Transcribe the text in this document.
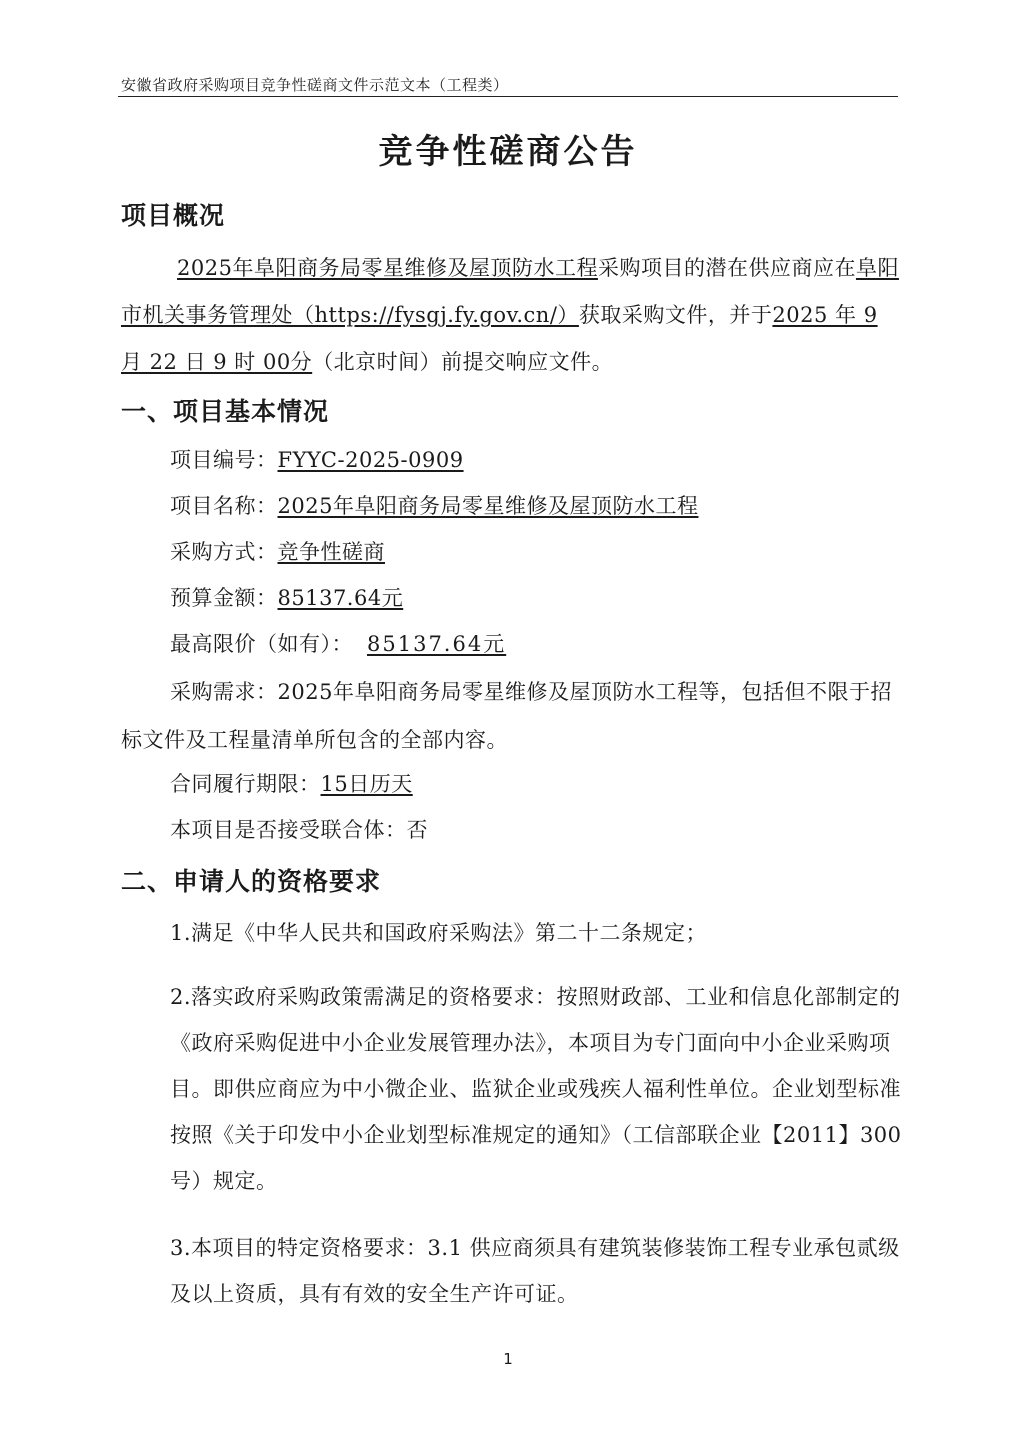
安徽省政府采购项目竞争性磋商文件示范文本（工程类）
竞争性磋商公告
项目概况
2025年阜阳商务局零星维修及屋顶防水工程采购项目的潜在供应商应在阜阳市机关事务管理处（https://fysgj.fy.gov.cn/）获取采购文件，并于2025 年 9 月 22 日 9 时 00分（北京时间）前提交响应文件。
一、项目基本情况
项目编号：FYYC-2025-0909
项目名称：2025年阜阳商务局零星维修及屋顶防水工程
采购方式：竞争性磋商
预算金额：85137.64元
最高限价（如有）： 85137.64元
采购需求：2025年阜阳商务局零星维修及屋顶防水工程等，包括但不限于招标文件及工程量清单所包含的全部内容。
合同履行期限：15日历天
本项目是否接受联合体：否
二、申请人的资格要求
1.满足《中华人民共和国政府采购法》第二十二条规定；
2.落实政府采购政策需满足的资格要求：按照财政部、工业和信息化部制定的《政府采购促进中小企业发展管理办法》，本项目为专门面向中小企业采购项目。即供应商应为中小微企业、监狱企业或残疾人福利性单位。企业划型标准按照《关于印发中小企业划型标准规定的通知》（工信部联企业【2011】300号）规定。
3.本项目的特定资格要求：3.1 供应商须具有建筑装修装饰工程专业承包贰级及以上资质，具有有效的安全生产许可证。
1
